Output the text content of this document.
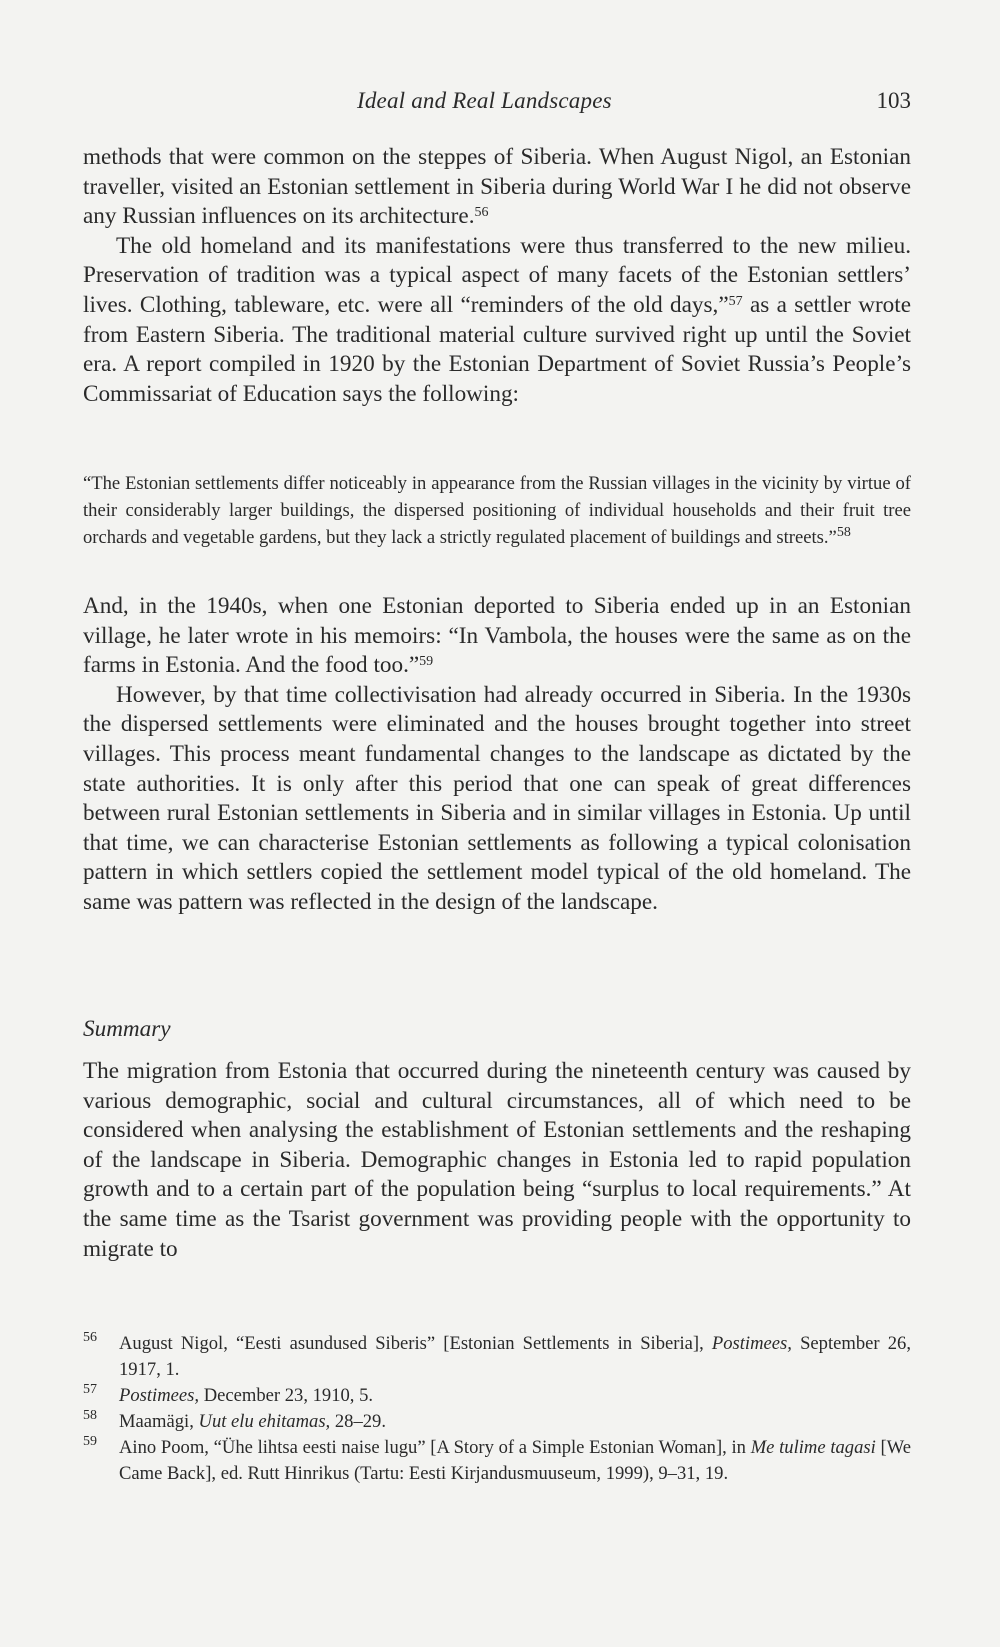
Ideal and Real Landscapes	103

methods that were common on the steppes of Siberia. When August Nigol, an Estonian traveller, visited an Estonian settlement in Siberia during World War I he did not observe any Russian influences on its architecture.$^{56}$

The old homeland and its manifestations were thus transferred to the new milieu. Preservation of tradition was a typical aspect of many facets of the Estonian settlers’ lives. Clothing, tableware, etc. were all “reminders of the old days,”$^{57}$ as a settler wrote from Eastern Siberia. The traditional material culture survived right up until the Soviet era. A report compiled in 1920 by the Estonian Department of Soviet Russia’s People’s Commissariat of Education says the following:

“The Estonian settlements differ noticeably in appearance from the Russian villages in the vicinity by virtue of their considerably larger buildings, the dispersed positioning of individual households and their fruit tree orchards and vegetable gardens, but they lack a strictly regulated placement of buildings and streets.”$^{58}$

And, in the 1940s, when one Estonian deported to Siberia ended up in an Estonian village, he later wrote in his memoirs: “In Vambola, the houses were the same as on the farms in Estonia. And the food too.”$^{59}$

However, by that time collectivisation had already occurred in Siberia. In the 1930s the dispersed settlements were eliminated and the houses brought together into street villages. This process meant fundamental changes to the landscape as dictated by the state authorities. It is only after this period that one can speak of great differences between rural Estonian settlements in Siberia and in similar villages in Estonia. Up until that time, we can characterise Estonian settlements as following a typical colonisation pattern in which settlers copied the settlement model typical of the old homeland. The same was pattern was reflected in the design of the landscape.

Summary

The migration from Estonia that occurred during the nineteenth century was caused by various demographic, social and cultural circumstances, all of which need to be considered when analysing the establishment of Estonian settlements and the reshaping of the landscape in Siberia. Demographic changes in Estonia led to rapid population growth and to a certain part of the population being “surplus to local requirements.” At the same time as the Tsarist government was providing people with the opportunity to migrate to

56 August Nigol, “Eesti asundused Siberis” [Estonian Settlements in Siberia], Postimees, September 26, 1917, 1.
57 Postimees, December 23, 1910, 5.
58 Maamägi, Uut elu ehitamas, 28–29.
59 Aino Poom, “Ühe lihtsa eesti naise lugu” [A Story of a Simple Estonian Woman], in Me tulime tagasi [We Came Back], ed. Rutt Hinrikus (Tartu: Eesti Kirjandusmuuseum, 1999), 9–31, 19.
